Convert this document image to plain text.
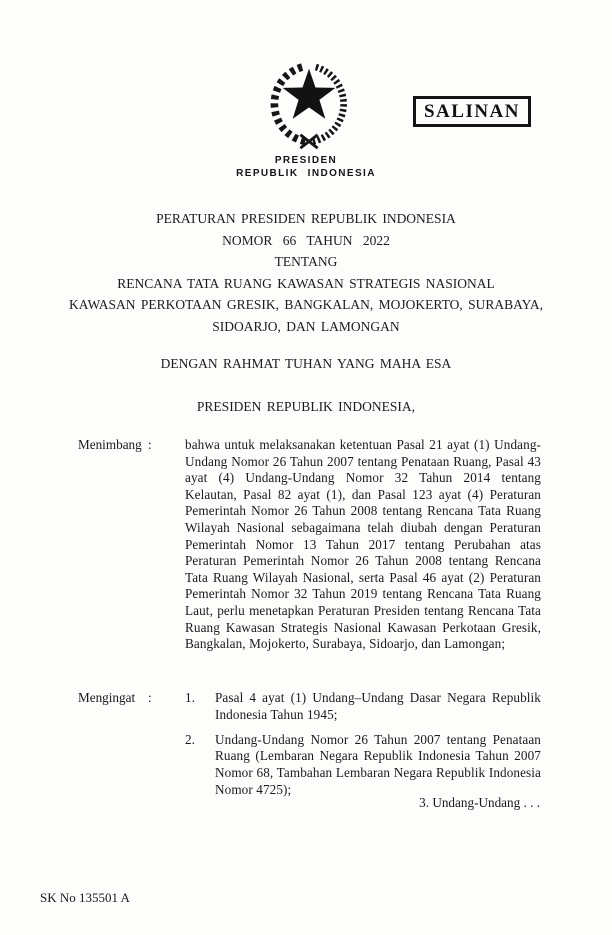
PRESIDEN
REPUBLIK INDONESIA
SALINAN
PERATURAN PRESIDEN REPUBLIK INDONESIA
NOMOR 66 TAHUN 2022
TENTANG
RENCANA TATA RUANG KAWASAN STRATEGIS NASIONAL
KAWASAN PERKOTAAN GRESIK, BANGKALAN, MOJOKERTO, SURABAYA,
SIDOARJO, DAN LAMONGAN
DENGAN RAHMAT TUHAN YANG MAHA ESA
PRESIDEN REPUBLIK INDONESIA,
Menimbang :	bahwa untuk melaksanakan ketentuan Pasal 21 ayat (1) Undang-Undang Nomor 26 Tahun 2007 tentang Penataan Ruang, Pasal 43 ayat (4) Undang-Undang Nomor 32 Tahun 2014 tentang Kelautan, Pasal 82 ayat (1), dan Pasal 123 ayat (4) Peraturan Pemerintah Nomor 26 Tahun 2008 tentang Rencana Tata Ruang Wilayah Nasional sebagaimana telah diubah dengan Peraturan Pemerintah Nomor 13 Tahun 2017 tentang Perubahan atas Peraturan Pemerintah Nomor 26 Tahun 2008 tentang Rencana Tata Ruang Wilayah Nasional, serta Pasal 46 ayat (2) Peraturan Pemerintah Nomor 32 Tahun 2019 tentang Rencana Tata Ruang Laut, perlu menetapkan Peraturan Presiden tentang Rencana Tata Ruang Kawasan Strategis Nasional Kawasan Perkotaan Gresik, Bangkalan, Mojokerto, Surabaya, Sidoarjo, dan Lamongan;
Mengingat :	1.	Pasal 4 ayat (1) Undang–Undang Dasar Negara Republik Indonesia Tahun 1945;
2.	Undang-Undang Nomor 26 Tahun 2007 tentang Penataan Ruang (Lembaran Negara Republik Indonesia Tahun 2007 Nomor 68, Tambahan Lembaran Negara Republik Indonesia Nomor 4725);
3. Undang-Undang . . .
SK No 135501 A
